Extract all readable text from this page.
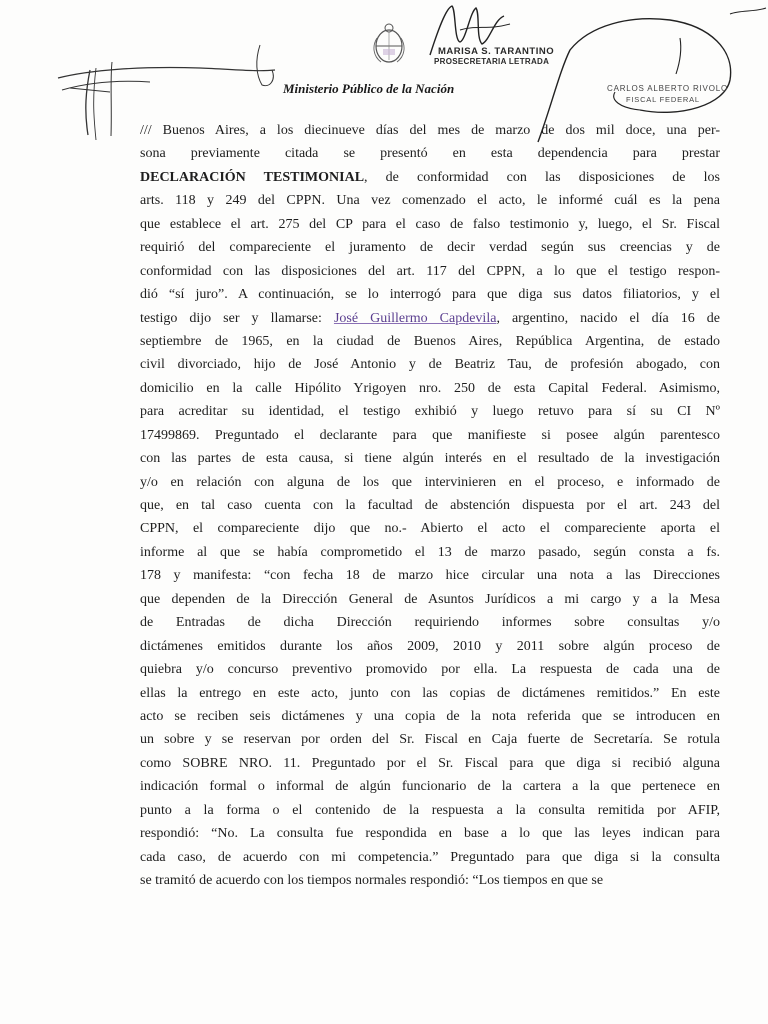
MARISA S. TARANTINO
PROSECRETARIA LETRADA
CARLOS ALBERTO RIVOLO
FISCAL FEDERAL
Ministerio Público de la Nación
/// Buenos Aires, a los diecinueve días del mes de marzo de dos mil doce, una per-
sona previamente citada se presentó en esta dependencia para prestar
DECLARACIÓN TESTIMONIAL, de conformidad con las disposiciones de los
arts. 118 y 249 del CPPN. Una vez comenzado el acto, le informé cuál es la pena
que establece el art. 275 del CP para el caso de falso testimonio y, luego, el Sr. Fiscal
requirió del compareciente el juramento de decir verdad según sus creencias y de
conformidad con las disposiciones del art. 117 del CPPN, a lo que el testigo respon-
dió “sí juro”. A continuación, se lo interrogó para que diga sus datos filiatorios, y el
testigo dijo ser y llamarse: José Guillermo Capdevila, argentino, nacido el día 16 de
septiembre de 1965, en la ciudad de Buenos Aires, República Argentina, de estado
civil divorciado, hijo de José Antonio y de Beatriz Tau, de profesión abogado, con
domicilio en la calle Hipólito Yrigoyen nro. 250 de esta Capital Federal. Asimismo,
para acreditar su identidad, el testigo exhibió y luego retuvo para sí su CI Nº
17499869. Preguntado el declarante para que manifieste si posee algún parentesco
con las partes de esta causa, si tiene algún interés en el resultado de la investigación
y/o en relación con alguna de los que intervinieren en el proceso, e informado de
que, en tal caso cuenta con la facultad de abstención dispuesta por el art. 243 del
CPPN, el compareciente dijo que no.- Abierto el acto el compareciente aporta el
informe al que se había comprometido el 13 de marzo pasado, según consta a fs.
178 y manifesta: “con fecha 18 de marzo hice circular una nota a las Direcciones
que dependen de la Dirección General de Asuntos Jurídicos a mi cargo y a la Mesa
de Entradas de dicha Dirección requiriendo informes sobre consultas y/o
dictámenes emitidos durante los años 2009, 2010 y 2011 sobre algún proceso de
quiebra y/o concurso preventivo promovido por ella. La respuesta de cada una de
ellas la entrego en este acto, junto con las copias de dictámenes remitidos.” En este
acto se reciben seis dictámenes y una copia de la nota referida que se introducen en
un sobre y se reservan por orden del Sr. Fiscal en Caja fuerte de Secretaría. Se rotula
como SOBRE NRO. 11. Preguntado por el Sr. Fiscal para que diga si recibió alguna
indicación formal o informal de algún funcionario de la cartera a la que pertenece en
punto a la forma o el contenido de la respuesta a la consulta remitida por AFIP,
respondió: “No. La consulta fue respondida en base a lo que las leyes indican para
cada caso, de acuerdo con mi competencia.” Preguntado para que diga si la consulta
se tramitó de acuerdo con los tiempos normales respondió: “Los tiempos en que se
